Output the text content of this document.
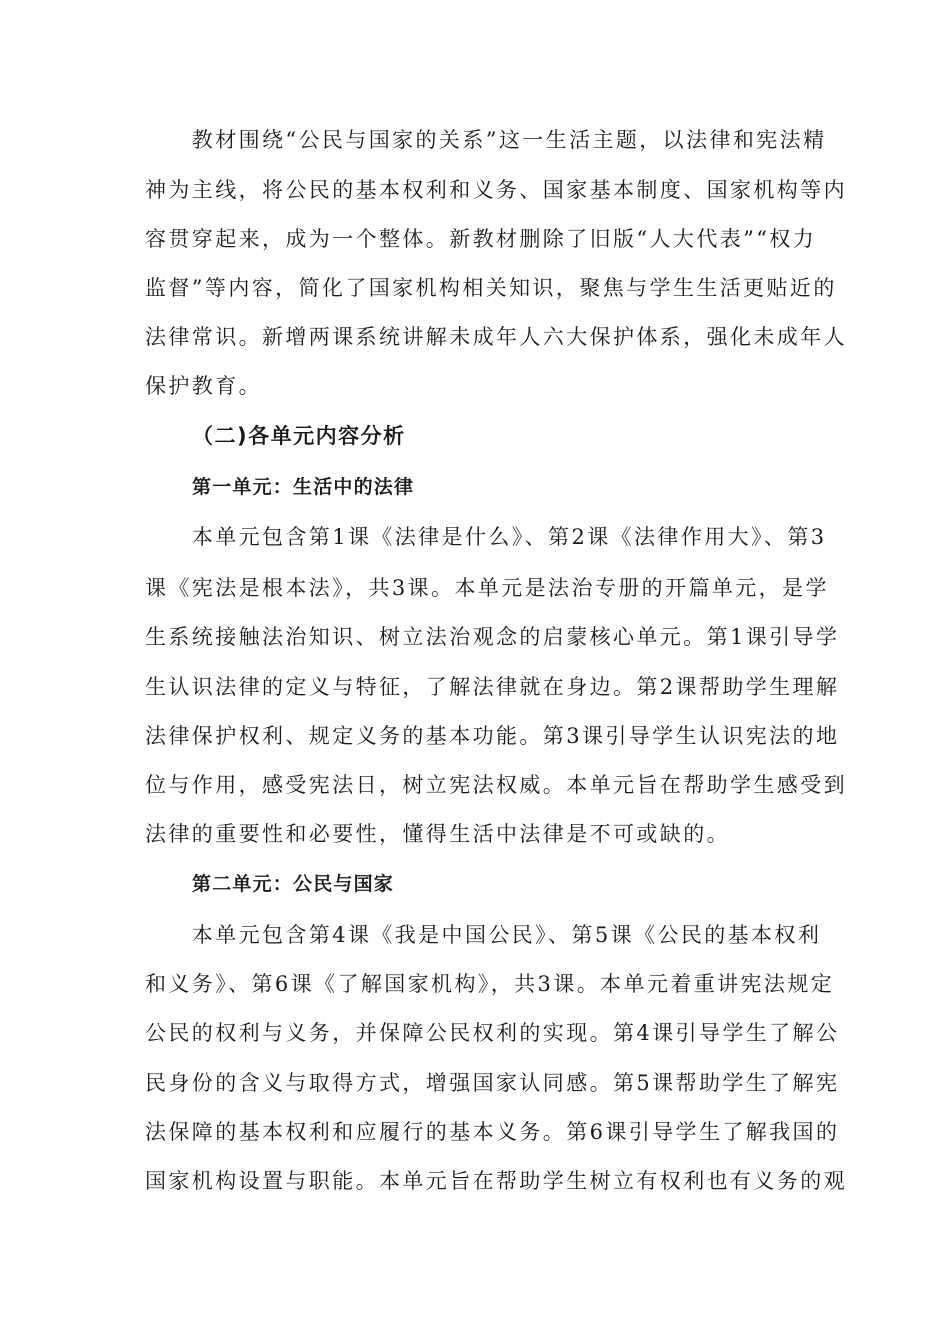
　　教材围绕“公民与国家的关系”这一生活主题，以法律和宪法精
神为主线，将公民的基本权利和义务、国家基本制度、国家机构等内
容贯穿起来，成为一个整体。新教材删除了旧版“人大代表”“权力
监督”等内容，简化了国家机构相关知识，聚焦与学生生活更贴近的
法律常识。新增两课系统讲解未成年人六大保护体系，强化未成年人
保护教育。
（二)各单元内容分析
第一单元：生活中的法律
　　本单元包含第1课《法律是什么》、第2课《法律作用大》、第3
课《宪法是根本法》，共3课。本单元是法治专册的开篇单元，是学
生系统接触法治知识、树立法治观念的启蒙核心单元。第1课引导学
生认识法律的定义与特征，了解法律就在身边。第2课帮助学生理解
法律保护权利、规定义务的基本功能。第3课引导学生认识宪法的地
位与作用，感受宪法日，树立宪法权威。本单元旨在帮助学生感受到
法律的重要性和必要性，懂得生活中法律是不可或缺的。
第二单元：公民与国家
　　本单元包含第4课《我是中国公民》、第5课《公民的基本权利
和义务》、第6课《了解国家机构》，共3课。本单元着重讲宪法规定
公民的权利与义务，并保障公民权利的实现。第4课引导学生了解公
民身份的含义与取得方式，增强国家认同感。第5课帮助学生了解宪
法保障的基本权利和应履行的基本义务。第6课引导学生了解我国的
国家机构设置与职能。本单元旨在帮助学生树立有权利也有义务的观
